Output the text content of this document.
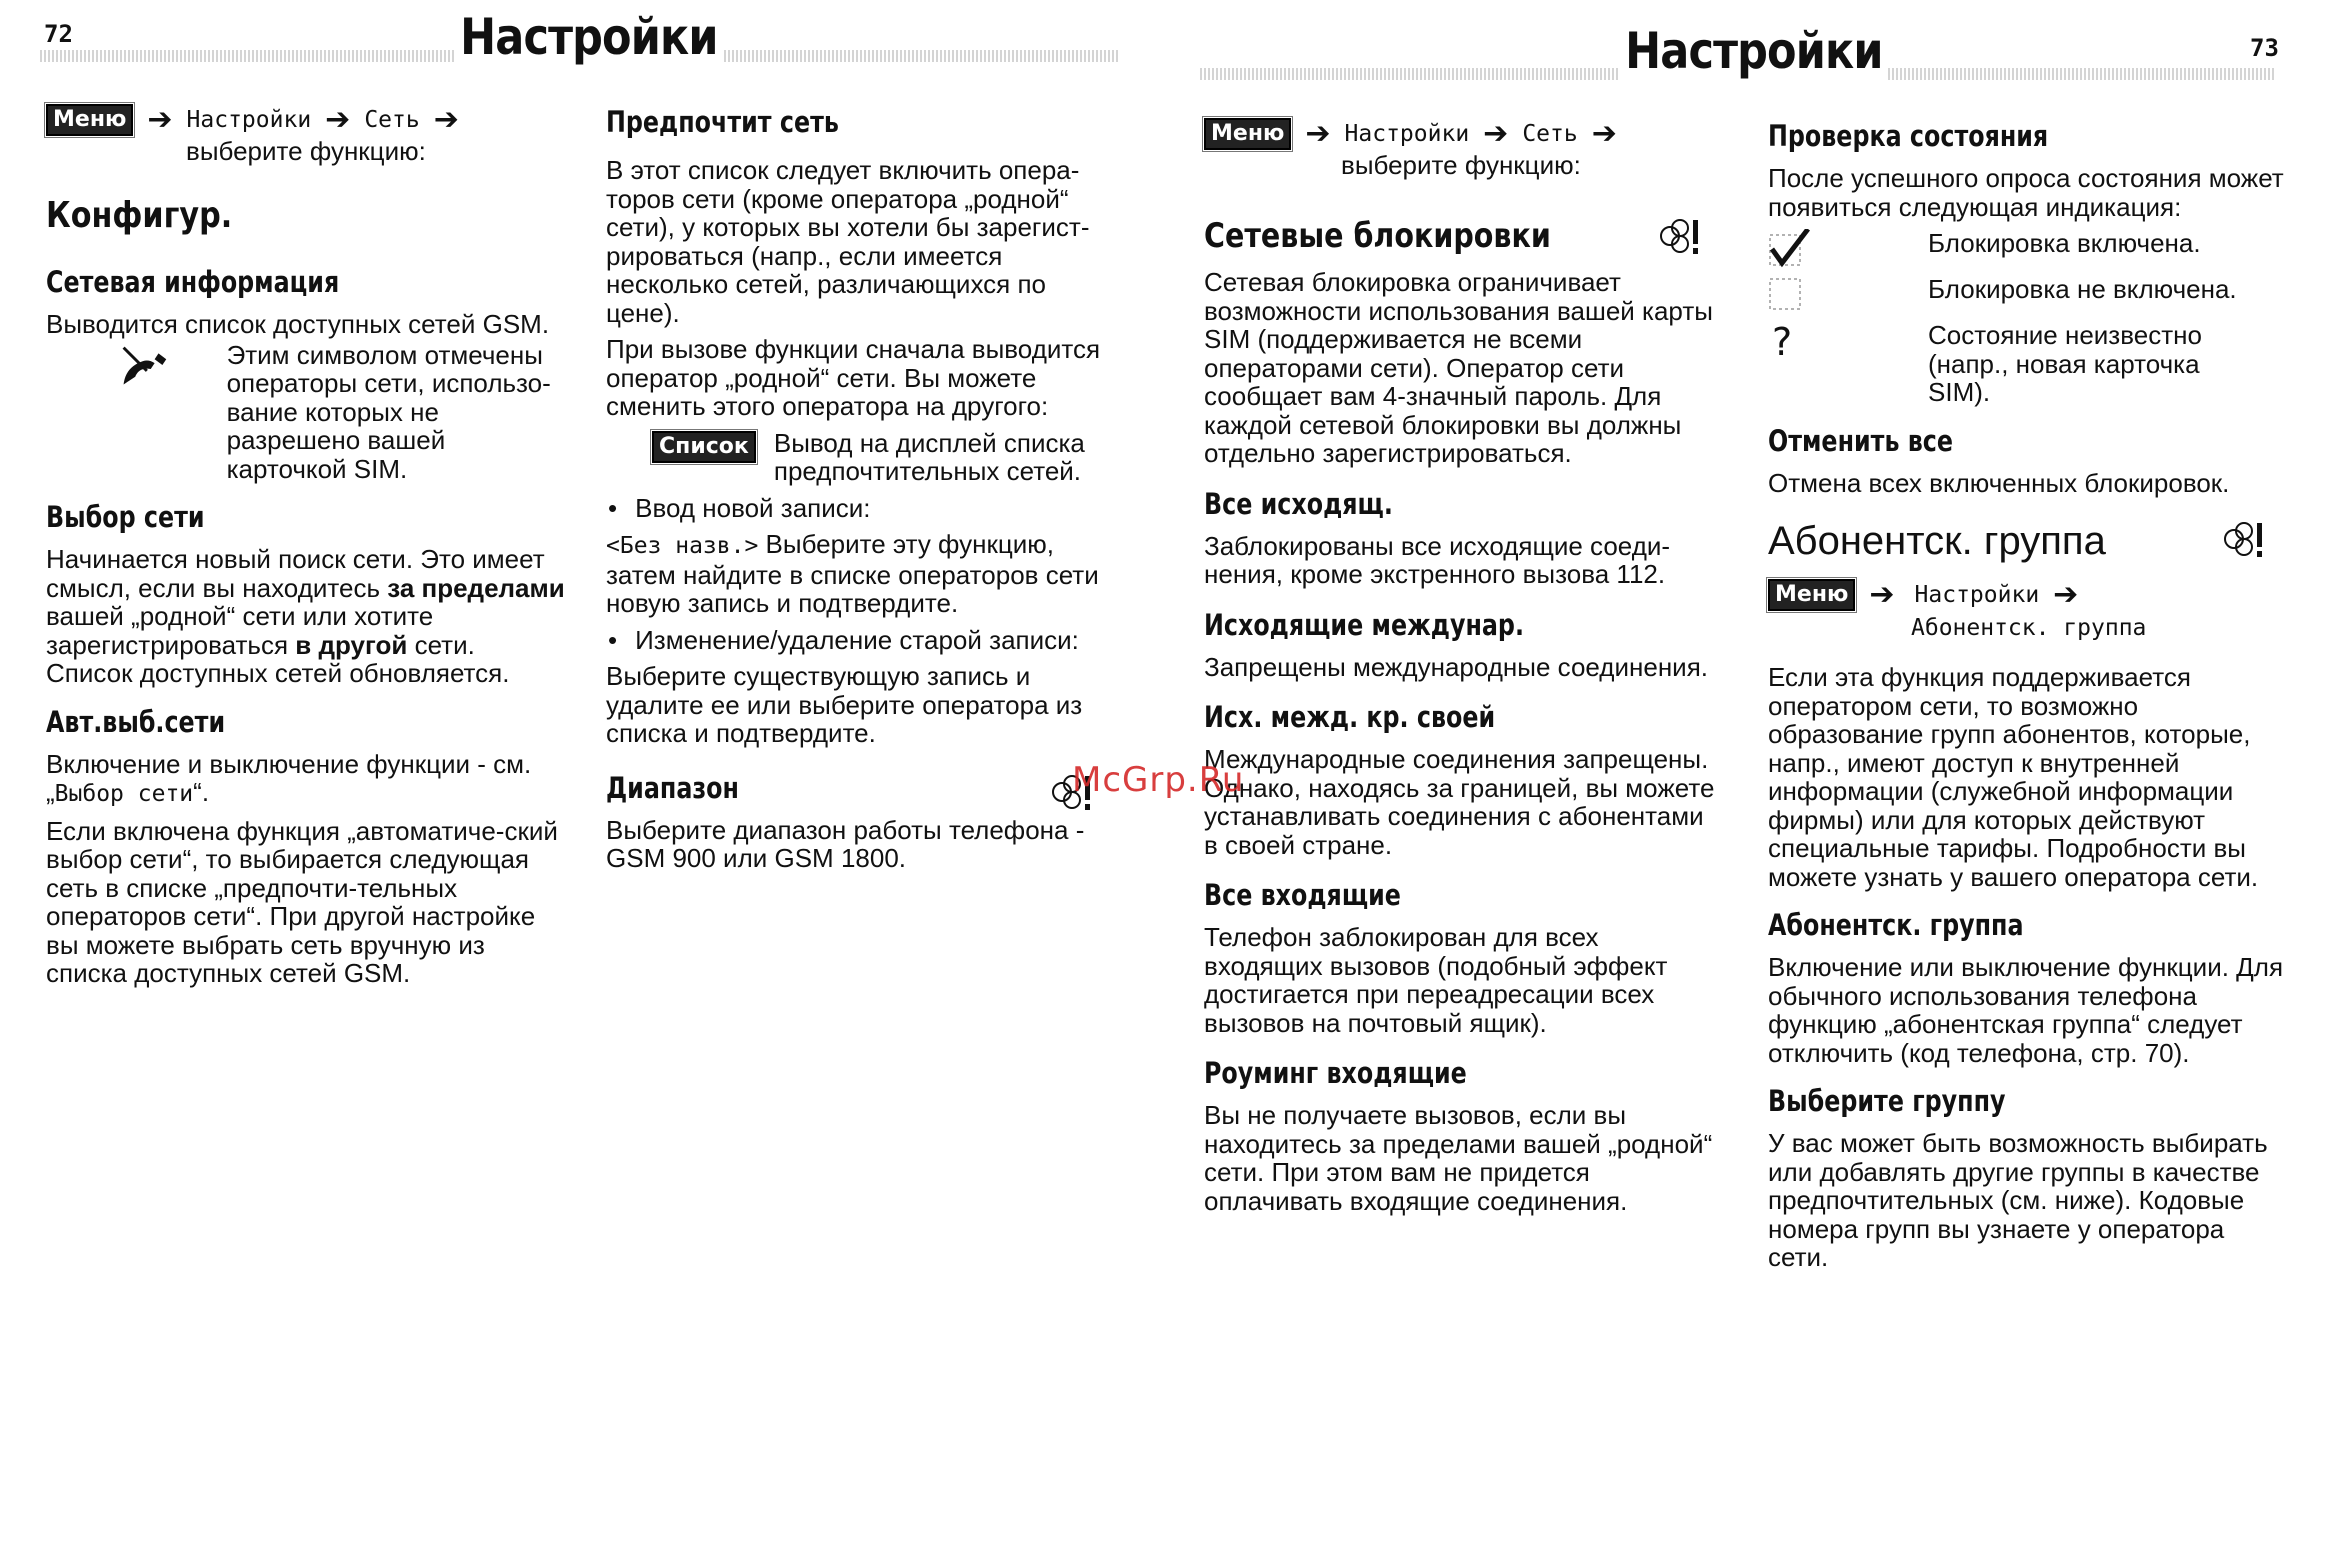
72	Настройки
Меню ➔ Настройки ➔ Сеть ➔
выберите функцию:
Конфигур.
Сетевая информация
Выводится список доступных сетей GSM.
Этим символом отмечены операторы сети, использо-вание которых не разрешено вашей карточкой SIM.
Выбор сети
Начинается новый поиск сети. Это имеет смысл, если вы находитесь за пределами вашей „родной“ сети или хотите зарегистрироваться в другой сети. Список доступных сетей обновляется.
Авт.выб.сети
Включение и выключение функции - см. „Выбор сети“.
Если включена функция „автоматиче-ский выбор сети“, то выбирается следующая сеть в списке „предпочти-тельных операторов сети“. При другой настройке вы можете выбрать сеть вручную из списка доступных сетей GSM.
Предпочтит сеть
В этот список следует включить опера-торов сети (кроме оператора „родной“ сети), у которых вы хотели бы зарегист-рироваться (напр., если имеется несколько сетей, различающихся по цене).
При вызове функции сначала выводится оператор „родной“ сети. Вы можете сменить этого оператора на другого:
Список Вывод на дисплей списка предпочтительных сетей.
• Ввод новой записи:
<Без назв.> Выберите эту функцию, затем найдите в списке операторов сети новую запись и подтвердите.
• Изменение/удаление старой записи:
Выберите существующую запись и удалите ее или выберите оператора из списка и подтвердите.
Диапазон
Выберите диапазон работы телефона - GSM 900 или GSM 1800.
Настройки	73
Меню ➔ Настройки ➔ Сеть ➔
выберите функцию:
Сетевые блокировки
Сетевая блокировка ограничивает возможности использования вашей карты SIM (поддерживается не всеми операторами сети). Оператор сети сообщает вам 4-значный пароль. Для каждой сетевой блокировки вы должны отдельно зарегистрироваться.
Все исходящ.
Заблокированы все исходящие соеди-нения, кроме экстренного вызова 112.
Исходящие междунар.
Запрещены международные соединения.
Исх. межд. кр. своей
Международные соединения запрещены. Однако, находясь за границей, вы можете устанавливать соединения с абонентами в своей стране.
Все входящие
Телефон заблокирован для всех входящих вызовов (подобный эффект достигается при переадресации всех вызовов на почтовый ящик).
Роуминг входящие
Вы не получаете вызовов, если вы находитесь за пределами вашей „родной“ сети. При этом вам не придется оплачивать входящие соединения.
Проверка состояния
После успешного опроса состояния может появиться следующая индикация:
Блокировка включена.
Блокировка не включена.
?	Состояние неизвестно (напр., новая карточка SIM).
Отменить все
Отмена всех включенных блокировок.
Абонентск. группа
Меню ➔ Настройки ➔
Абонентск. группа
Если эта функция поддерживается оператором сети, то возможно образование групп абонентов, которые, напр., имеют доступ к внутренней информации (служебной информации фирмы) или для которых действуют специальные тарифы. Подробности вы можете узнать у вашего оператора сети.
Абонентск. группа
Включение или выключение функции. Для обычного использования телефона функцию „абонентская группа“ следует отключить (код телефона, стр. 70).
Выберите группу
У вас может быть возможность выбирать или добавлять другие группы в качестве предпочтительных (см. ниже). Кодовые номера групп вы узнаете у оператора сети.
McGrp.Ru
